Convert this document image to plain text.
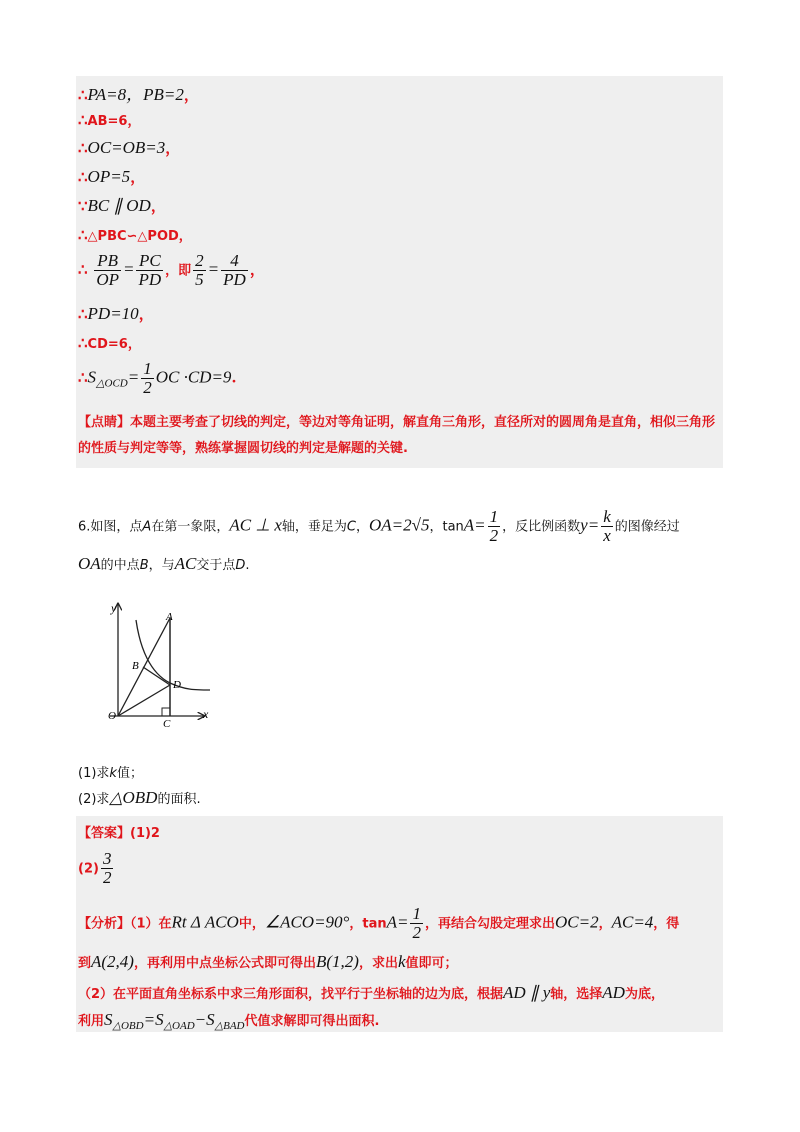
∴PA=8，PB=2，
∴AB=6，
∴OC=OB=3，
∴OP=5，
∵BC ∥ OD，
∴△PBC∽△POD，
∴ $\frac{PB}{OP} = \frac{PC}{PD}$ ，即 $\frac{2}{5} = \frac{4}{PD}$ ，
∴PD=10，
∴CD=6，
$\therefore S_{\triangle OCD}= \frac{1}{2}$ OC ·CD=9.
【点睛】本题主要考查了切线的判定，等边对等角证明，解直角三角形，直径所对的圆周角是直角，相似三角形的性质与判定等等，熟练掌握圆切线的判定是解题的关键.
6.如图，点A在第一象限，AC ⊥ x轴，垂足为C，OA=2√5，$\tan A= \frac{1}{2}$ ，反比例函数$y= \frac{k}{x}$ 的图像经过
OA的中点B，与AC交于点D.
y
A
B
D
O
C
x
(1)求k值；
(2)求△OBD的面积.
【答案】(1)2
$(2) \frac{3}{2}$
【分析】（1）在Rt Δ ACO中，∠ACO=90°，$\tan A= \frac{1}{2}$ ，再结合勾股定理求出OC=2，AC=4，得
到A(2,4)，再利用中点坐标公式即可得出B(1,2)，求出k值即可；
（2）在平面直角坐标系中求三角形面积，找平行于坐标轴的边为底，根据AD ∥ y轴，选择AD为底，
利用$S_{\triangle OBD}=S_{\triangle OAD}-S_{\triangle BAD}$代值求解即可得出面积.
